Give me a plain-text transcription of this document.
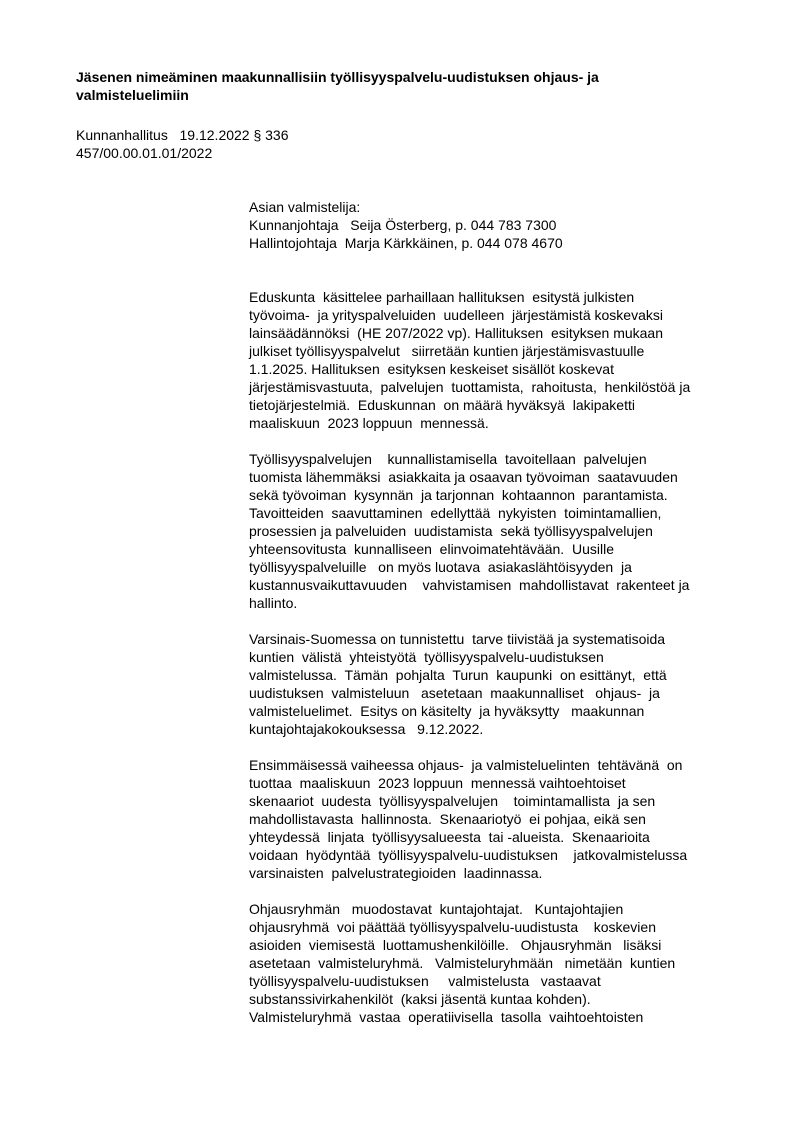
Jäsenen nimeäminen maakunnallisiin työllisyyspalvelu-uudistuksen ohjaus- ja
valmisteluelimiin
Kunnanhallitus   19.12.2022 § 336
457/00.00.01.01/2022
Asian valmistelija:
Kunnanjohtaja   Seija Österberg, p. 044 783 7300
Hallintojohtaja  Marja Kärkkäinen, p. 044 078 4670

Eduskunta  käsittelee parhaillaan hallituksen  esitystä julkisten
työvoima-  ja yrityspalveluiden  uudelleen  järjestämistä koskevaksi
lainsäädännöksi  (HE 207/2022 vp). Hallituksen  esityksen mukaan
julkiset työllisyyspalvelut   siirretään kuntien järjestämisvastuulle
1.1.2025. Hallituksen  esityksen keskeiset sisällöt koskevat
järjestämisvastuuta,  palvelujen  tuottamista,  rahoitusta,  henkilöstöä ja
tietojärjestelmiä.  Eduskunnan  on määrä hyväksyä  lakipaketti
maaliskuun  2023 loppuun  mennessä.

Työllisyyspalvelujen    kunnallistamisella  tavoitellaan  palvelujen
tuomista lähemmäksi  asiakkaita ja osaavan työvoiman  saatavuuden
sekä työvoiman  kysynnän  ja tarjonnan  kohtaannon  parantamista.
Tavoitteiden  saavuttaminen  edellyttää  nykyisten  toimintamallien,
prosessien ja palveluiden  uudistamista  sekä työllisyyspalvelujen
yhteensovitusta  kunnalliseen  elinvoimatehtävään.  Uusille
työllisyyspalveluille   on myös luotava  asiakaslähtöisyyden  ja
kustannusvaikuttavuuden    vahvistamisen  mahdollistavat  rakenteet ja
hallinto.

Varsinais-Suomessa on tunnistettu  tarve tiivistää ja systematisoida
kuntien  välistä  yhteistyötä  työllisyyspalvelu-uudistuksen
valmistelussa.  Tämän  pohjalta  Turun  kaupunki  on esittänyt,  että
uudistuksen  valmisteluun   asetetaan  maakunnalliset   ohjaus-  ja
valmisteluelimet.  Esitys on käsitelty  ja hyväksytty   maakunnan
kuntajohtajakokouksessa   9.12.2022.

Ensimmäisessä vaiheessa ohjaus-  ja valmisteluelinten  tehtävänä  on
tuottaa  maaliskuun  2023 loppuun  mennessä vaihtoehtoiset
skenaariot  uudesta  työllisyyspalvelujen    toimintamallista  ja sen
mahdollistavasta  hallinnosta.  Skenaariotyö  ei pohjaa, eikä sen
yhteydessä  linjata  työllisyysalueesta  tai -alueista.  Skenaarioita
voidaan  hyödyntää  työllisyyspalvelu-uudistuksen    jatkovalmistelussa
varsinaisten  palvelustrategioiden  laadinnassa.

Ohjausryhmän   muodostavat  kuntajohtajat.   Kuntajohtajien
ohjausryhmä  voi päättää työllisyyspalvelu-uudistusta    koskevien
asioiden  viemisestä  luottamushenkilöille.   Ohjausryhmän   lisäksi
asetetaan  valmisteluryhmä.   Valmisteluryhmään   nimetään  kuntien
työllisyyspalvelu-uudistuksen     valmistelusta   vastaavat
substanssivirkahenkilöt  (kaksi jäsentä kuntaa kohden).
Valmisteluryhmä  vastaa  operatiivisella  tasolla  vaihtoehtoisten
